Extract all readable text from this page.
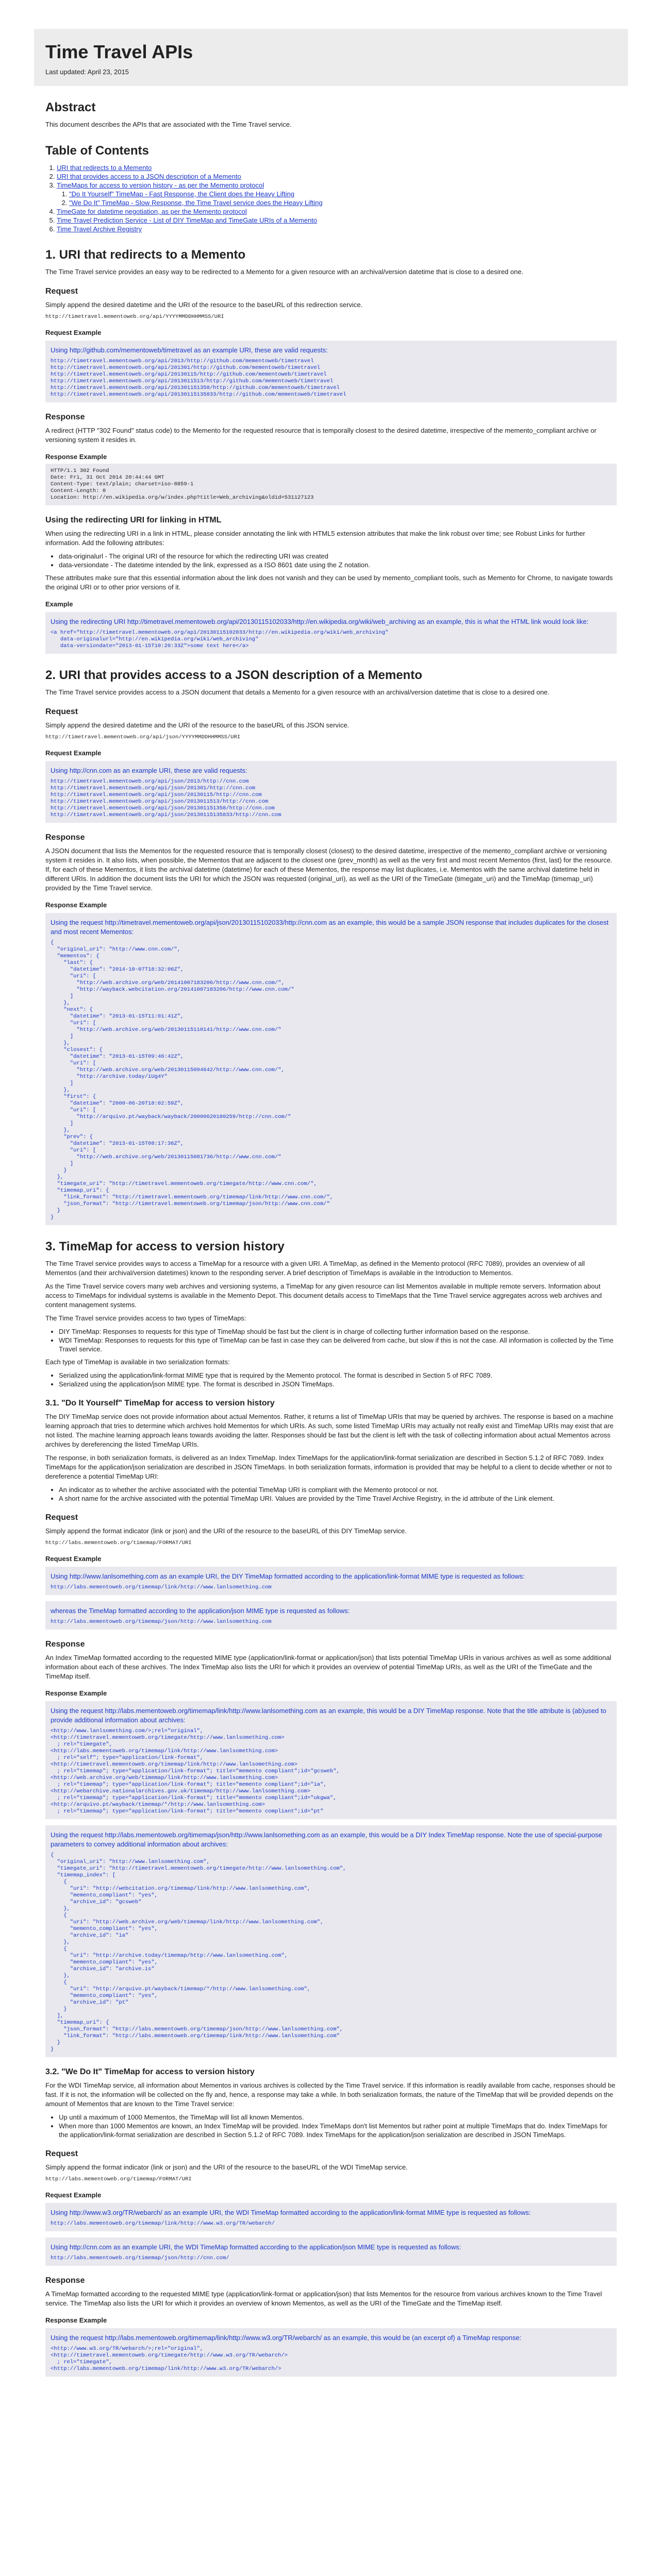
Time Travel APIs
Last updated: April 23, 2015
Abstract

This document describes the APIs that are associated with the Time Travel service.

Table of Contents
1. URI that redirects to a Memento
2. URI that provides access to a JSON description of a Memento
3. TimeMaps for access to version history - as per the Memento protocol
1. "Do It Yourself" TimeMap - Fast Response, the Client does the Heavy Lifting
2. "We Do It" TimeMap - Slow Response, the Time Travel service does the Heavy Lifting
4. TimeGate for datetime negotiation, as per the Memento protocol
5. Time Travel Prediction Service - List of DIY TimeMap and TimeGate URIs of a Memento
6. Time Travel Archive Registry
1. URI that redirects to a Memento

The Time Travel service provides an easy way to be redirected to a Memento for a given resource with an archival/version datetime that is close to a desired one.

Request

Simply append the desired datetime and the URI of the resource to the baseURL of this redirection service.

http://timetravel.mementoweb.org/api/YYYYMMDDHHMMSS/URI
Request Example

Using http://github.com/mementoweb/timetravel as an example URI, these are valid requests:

http://timetravel.mementoweb.org/api/2013/http://github.com/mementoweb/timetravel
http://timetravel.mementoweb.org/api/201301/http://github.com/mementoweb/timetravel
http://timetravel.mementoweb.org/api/20130115/http://github.com/mementoweb/timetravel
http://timetravel.mementoweb.org/api/2013011513/http://github.com/mementoweb/timetravel
http://timetravel.mementoweb.org/api/201301151358/http://github.com/mementoweb/timetravel
http://timetravel.mementoweb.org/api/20130115135833/http://github.com/mementoweb/timetravel
Response

A redirect (HTTP "302 Found" status code) to the Memento for the requested resource that is temporally closest to the desired datetime, irrespective of the memento_compliant archive or versioning system it resides in.

Response Example
HTTP/1.1 302 Found
Date: Fri, 31 Oct 2014 20:44:44 GMT
Content-Type: text/plain; charset=iso-8859-1
Content-Length: 0
Location: http://en.wikipedia.org/w/index.php?title=Web_archiving&oldid=531127123
Using the redirecting URI for linking in HTML

When using the redirecting URI in a link in HTML, please consider annotating the link with HTML5 extension attributes that make the link robust over time; see Robust Links for further information. Add the following attributes:

• data-originalurl - The original URI of the resource for which the redirecting URI was created
• data-versiondate - The datetime intended by the link, expressed as a ISO 8601 date using the Z notation.

These attributes make sure that this essential information about the link does not vanish and they can be used by memento_compliant tools, such as Memento for Chrome, to navigate towards the original URI or to other prior versions of it.

Example

Using the redirecting URI http://timetravel.mementoweb.org/api/20130115102033/http://en.wikipedia.org/wiki/web_archiving as an example, this is what the HTML link would look like:

<a href="http://timetravel.mementoweb.org/api/20130115102033/http://en.wikipedia.org/wiki/web_archiving"
data-originalurl="http://en.wikipedia.org/wiki/web_archiving"
data-versiondate="2013-01-15T10:20:33Z">some text here</a>
2. URI that provides access to a JSON description of a Memento

The Time Travel service provides access to a JSON document that details a Memento for a given resource with an archival/version datetime that is close to a desired one.

Request

Simply append the desired datetime and the URI of the resource to the baseURL of this JSON service.

http://timetravel.mementoweb.org/api/json/YYYYMMDDHHMMSS/URI
Request Example

Using http://cnn.com as an example URI, these are valid requests:

http://timetravel.mementoweb.org/api/json/2013/http://cnn.com
http://timetravel.mementoweb.org/api/json/201301/http://cnn.com
http://timetravel.mementoweb.org/api/json/20130115/http://cnn.com
http://timetravel.mementoweb.org/api/json/2013011513/http://cnn.com
http://timetravel.mementoweb.org/api/json/201301151358/http://cnn.com
http://timetravel.mementoweb.org/api/json/20130115135833/http://cnn.com
Response

A JSON document that lists the Mementos for the requested resource that is temporally closest (closest) to the desired datetime, irrespective of the memento_compliant archive or versioning system it resides in. It also lists, when possible, the Mementos that are adjacent to the closest one (prev_month) as well as the very first and most recent Mementos (first, last) for the resource. If, for each of these Mementos, it lists the archival datetime (datetime) for each of these Mementos, the response may list duplicates, i.e. Mementos with the same archival datetime held in different URIs. In addition the document lists the URI for which the JSON was requested (original_uri), as well as the URI of the TimeGate (timegate_uri) and the TimeMap (timemap_uri) provided by the Time Travel service.

Response Example

Using the request http://timetravel.mementoweb.org/api/json/20130115102033/http://cnn.com as an example, this would be a sample JSON response that includes duplicates for the closest and most recent Mementos:

{
"original_uri": "http://www.cnn.com/",
"mementos": {
"last": {
"datetime": "2014-10-07T18:32:06Z",
"uri": [
"http://web.archive.org/web/20141007183206/http://www.cnn.com/",
"http://wayback.webcitation.org/20141007183206/http://www.cnn.com/"
]
},
"next": {
"datetime": "2013-01-15T11:01:41Z",
"uri": [
"http://web.archive.org/web/20130115110141/http://www.cnn.com/"
]
},
"closest": {
"datetime": "2013-01-15T09:46:42Z",
"uri": [
"http://web.archive.org/web/20130115094642/http://www.cnn.com/",
"http://archive.today/iUg4Y"
]
},
"first": {
"datetime": "2000-06-20T18:02:59Z",
"uri": [
"http://arquivo.pt/wayback/wayback/20000620180259/http://cnn.com/"
]
},
"prev": {
"datetime": "2013-01-15T08:17:36Z",
"uri": [
"http://web.archive.org/web/20130115081736/http://www.cnn.com/"
]
}
},
"timegate_uri": "http://timetravel.mementoweb.org/timegate/http://www.cnn.com/",
"timemap_uri": {
"link_format": "http://timetravel.mementoweb.org/timemap/link/http://www.cnn.com/",
"json_format": "http://timetravel.mementoweb.org/timemap/json/http://www.cnn.com/"
}
}
3. TimeMap for access to version history

The Time Travel service provides ways to access a TimeMap for a resource with a given URI. A TimeMap, as defined in the Memento protocol (RFC 7089), provides an overview of all Mementos (and their archival/version datetimes) known to the responding server. A brief description of TimeMaps is available in the Introduction to Mementos.

As the Time Travel service covers many web archives and versioning systems, a TimeMap for any given resource can list Mementos available in multiple remote servers. Information about access to TimeMaps for individual systems is available in the Memento Depot. This document details access to TimeMaps that the Time Travel service aggregates across web archives and content management systems.

The Time Travel service provides access to two types of TimeMaps:

• DIY TimeMap: Responses to requests for this type of TimeMap should be fast but the client is in charge of collecting further information based on the response.
• WDI TimeMap: Responses to requests for this type of TimeMap can be fast in case they can be delivered from cache, but slow if this is not the case. All information is collected by the Time Travel service.

Each type of TimeMap is available in two serialization formats:

• Serialized using the application/link-format MIME type that is required by the Memento protocol. The format is described in Section 5 of RFC 7089.
• Serialized using the application/json MIME type. The format is described in JSON TimeMaps.
3.1. "Do It Yourself" TimeMap for access to version history

The DIY TimeMap service does not provide information about actual Mementos. Rather, it returns a list of TimeMap URIs that may be queried by archives. The response is based on a machine learning approach that tries to determine which archives hold Mementos for which URIs. As such, some listed TimeMap URIs may actually not really exist and TimeMap URIs may exist that are not listed. The machine learning approach leans towards avoiding the latter. Responses should be fast but the client is left with the task of collecting information about actual Mementos across archives by dereferencing the listed TimeMap URIs.

The response, in both serialization formats, is delivered as an Index TimeMap. Index TimeMaps for the application/link-format serialization are described in Section 5.1.2 of RFC 7089. Index TimeMaps for the application/json serialization are described in JSON TimeMaps. In both serialization formats, information is provided that may be helpful to a client to decide whether or not to dereference a potential TimeMap URI:

• An indicator as to whether the archive associated with the potential TimeMap URI is compliant with the Memento protocol or not.
• A short name for the archive associated with the potential TimeMap URI. Values are provided by the Time Travel Archive Registry, in the id attribute of the Link element.
Request

Simply append the format indicator (link or json) and the URI of the resource to the baseURL of this DIY TimeMap service.

http://labs.mementoweb.org/timemap/FORMAT/URI
Request Example

Using http://www.lanlsomething.com as an example URI, the DIY TimeMap formatted according to the application/link-format MIME type is requested as follows:

http://labs.mementoweb.org/timemap/link/http://www.lanlsomething.com

whereas the TimeMap formatted according to the application/json MIME type is requested as follows:

http://labs.mementoweb.org/timemap/json/http://www.lanlsomething.com
Response

An Index TimeMap formatted according to the requested MIME type (application/link-format or application/json) that lists potential TimeMap URIs in various archives as well as some additional information about each of these archives. The Index TimeMap also lists the URI for which it provides an overview of potential TimeMap URIs, as well as the URI of the TimeGate and the TimeMap itself.

Response Example

Using the request http://labs.mementoweb.org/timemap/link/http://www.lanlsomething.com as an example, this would be a DIY TimeMap response. Note that the title attribute is (ab)used to provide additional information about archives:

<http://www.lanlsomething.com/>;rel="original",
<http://timetravel.mementoweb.org/timegate/http://www.lanlsomething.com>
; rel="timegate",
<http://labs.mementoweb.org/timemap/link/http://www.lanlsomething.com>
; rel="self"; type="application/link-format",
<http://timetravel.mementoweb.org/timemap/link/http://www.lanlsomething.com>
; rel="timemap"; type="application/link-format"; title="memento compliant";id="gcsweb",
<http://web.archive.org/web/timemap/link/http://www.lanlsomething.com>
; rel="timemap"; type="application/link-format"; title="memento compliant";id="ia",
<http://webarchive.nationalarchives.gov.uk/timemap/http://www.lanlsomething.com>
; rel="timemap"; type="application/link-format"; title="memento compliant";id="ukgwa",
<http://arquivo.pt/wayback/timemap/*/http://www.lanlsomething.com>
; rel="timemap"; type="application/link-format"; title="memento compliant";id="pt"

Using the request http://labs.mementoweb.org/timemap/json/http://www.lanlsomething.com as an example, this would be a DIY Index TimeMap response. Note the use of special-purpose parameters to convey additional information about archives:

{
"original_uri": "http://www.lanlsomething.com",
"timegate_uri": "http://timetravel.mementoweb.org/timegate/http://www.lanlsomething.com",
"timemap_index": [
{
"uri": "http://webcitation.org/timemap/link/http://www.lanlsomething.com",
"memento_compliant": "yes",
"archive_id": "gcsweb"
},
{
"uri": "http://web.archive.org/web/timemap/link/http://www.lanlsomething.com",
"memento_compliant": "yes",
"archive_id": "ia"
},
{
"uri": "http://archive.today/timemap/http://www.lanlsomething.com",
"memento_compliant": "yes",
"archive_id": "archive.is"
},
{
"uri": "http://arquivo.pt/wayback/timemap/*/http://www.lanlsomething.com",
"memento_compliant": "yes",
"archive_id": "pt"
}
],
"timemap_uri": {
"json_format": "http://labs.mementoweb.org/timemap/json/http://www.lanlsomething.com",
"link_format": "http://labs.mementoweb.org/timemap/link/http://www.lanlsomething.com"
}
}
3.2. "We Do It" TimeMap for access to version history

For the WDI TimeMap service, all information about Mementos in various archives is collected by the Time Travel service. If this information is readily available from cache, responses should be fast. If it is not, the information will be collected on the fly and, hence, a response may take a while. In both serialization formats, the nature of the TimeMap that will be provided depends on the amount of Mementos that are known to the Time Travel service:

• Up until a maximum of 1000 Mementos, the TimeMap will list all known Mementos.
• When more than 1000 Mementos are known, an Index TimeMap will be provided. Index TimeMaps don't list Mementos but rather point at multiple TimeMaps that do. Index TimeMaps for the application/link-format serialization are described in Section 5.1.2 of RFC 7089. Index TimeMaps for the application/json serialization are described in JSON TimeMaps.
Request

Simply append the format indicator (link or json) and the URI of the resource to the baseURL of the WDI TimeMap service.

http://labs.mementoweb.org/timemap/FORMAT/URI
Request Example

Using http://www.w3.org/TR/webarch/ as an example URI, the WDI TimeMap formatted according to the application/link-format MIME type is requested as follows:

http://labs.mementoweb.org/timemap/link/http://www.w3.org/TR/webarch/

Using http://cnn.com as an example URI, the WDI TimeMap formatted according to the application/json MIME type is requested as follows:

http://labs.mementoweb.org/timemap/json/http://cnn.com/
Response

A TimeMap formatted according to the requested MIME type (application/link-format or application/json) that lists Mementos for the resource from various archives known to the Time Travel service. The TimeMap also lists the URI for which it provides an overview of known Mementos, as well as the URI of the TimeGate and the TimeMap itself.

Response Example

Using the request http://labs.mementoweb.org/timemap/link/http://www.w3.org/TR/webarch/ as an example, this would be (an excerpt of) a TimeMap response:

<http://www.w3.org/TR/webarch/>;rel="original",
<http://timetravel.mementoweb.org/timegate/http://www.w3.org/TR/webarch/>
; rel="timegate",
<http://labs.mementoweb.org/timemap/link/http://www.w3.org/TR/webarch/>
